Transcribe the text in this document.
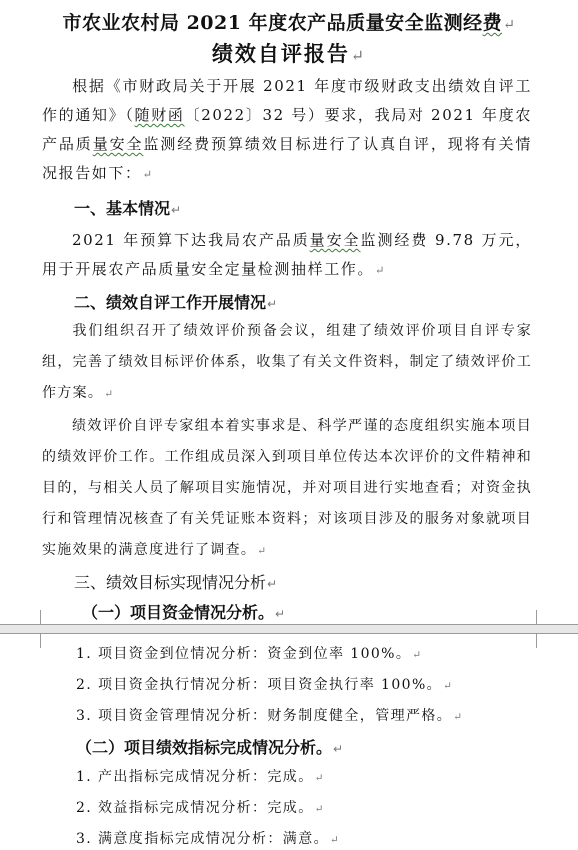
市农业农村局 2021 年度农产品质量安全监测经费↵
绩效自评报告↵
根据《市财政局关于开展 2021 年度市级财政支出绩效自评工作的通知》（随财函〔2022〕32 号）要求，我局对 2021 年度农产品质量安全监测经费预算绩效目标进行了认真自评，现将有关情况报告如下：↵
一、基本情况↵
2021 年预算下达我局农产品质量安全监测经费 9.78 万元，用于开展农产品质量安全定量检测抽样工作。↵
二、绩效自评工作开展情况↵
我们组织召开了绩效评价预备会议，组建了绩效评价项目自评专家组，完善了绩效目标评价体系，收集了有关文件资料，制定了绩效评价工作方案。↵
绩效评价自评专家组本着实事求是、科学严谨的态度组织实施本项目的绩效评价工作。工作组成员深入到项目单位传达本次评价的文件精神和目的，与相关人员了解项目实施情况，并对项目进行实地查看；对资金执行和管理情况核查了有关凭证账本资料；对该项目涉及的服务对象就项目实施效果的满意度进行了调查。↵
三、绩效目标实现情况分析↵
（一）项目资金情况分析。↵
1. 项目资金到位情况分析：资金到位率 100%。↵
2. 项目资金执行情况分析：项目资金执行率 100%。↵
3. 项目资金管理情况分析：财务制度健全，管理严格。↵
（二）项目绩效指标完成情况分析。↵
1. 产出指标完成情况分析：完成。↵
2. 效益指标完成情况分析：完成。↵
3. 满意度指标完成情况分析：满意。↵
